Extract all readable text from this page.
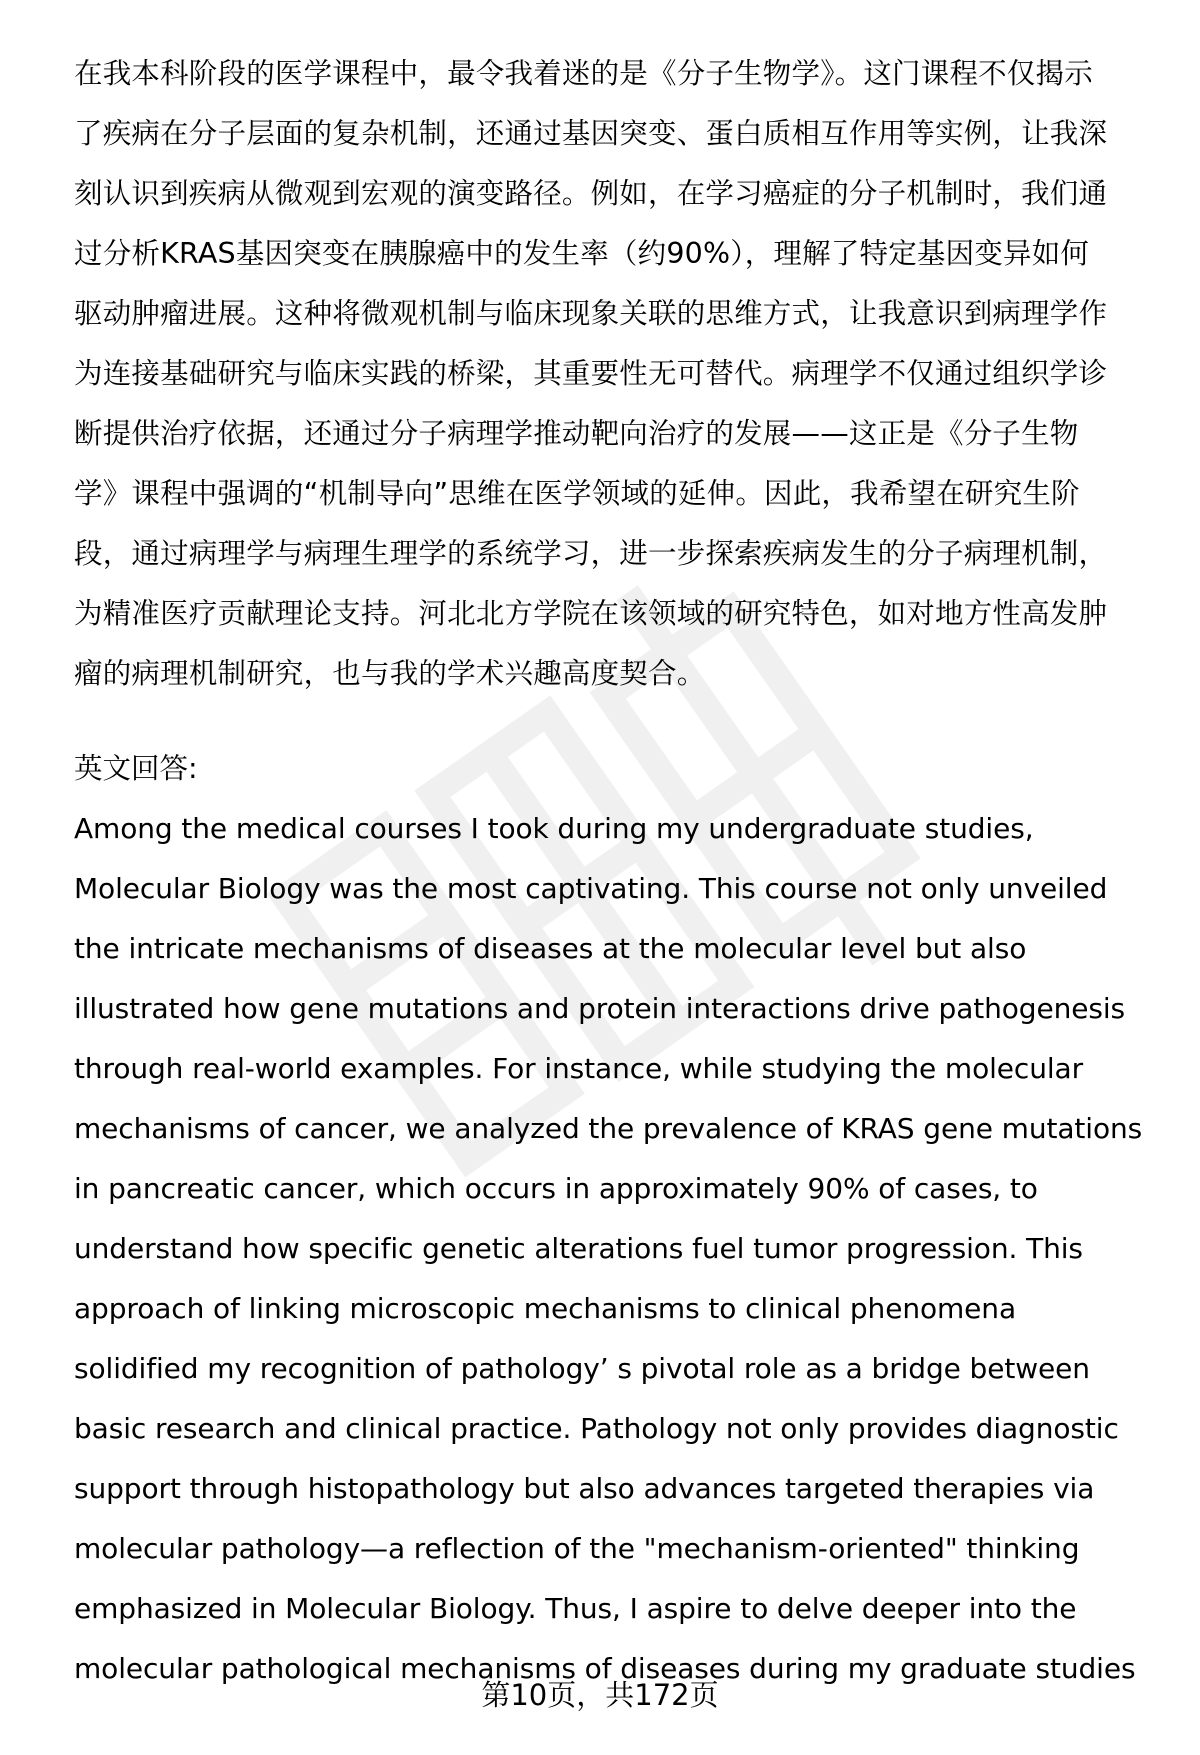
在我本科阶段的医学课程中，最令我着迷的是《分子生物学》。这门课程不仅揭示
了疾病在分子层面的复杂机制，还通过基因突变、蛋白质相互作用等实例，让我深
刻认识到疾病从微观到宏观的演变路径。例如，在学习癌症的分子机制时，我们通
过分析KRAS基因突变在胰腺癌中的发生率（约90%），理解了特定基因变异如何
驱动肿瘤进展。这种将微观机制与临床现象关联的思维方式，让我意识到病理学作
为连接基础研究与临床实践的桥梁，其重要性无可替代。病理学不仅通过组织学诊
断提供治疗依据，还通过分子病理学推动靶向治疗的发展——这正是《分子生物
学》课程中强调的“机制导向”思维在医学领域的延伸。因此，我希望在研究生阶
段，通过病理学与病理生理学的系统学习，进一步探索疾病发生的分子病理机制，
为精准医疗贡献理论支持。河北北方学院在该领域的研究特色，如对地方性高发肿
瘤的病理机制研究，也与我的学术兴趣高度契合。
英文回答:
Among the medical courses I took during my undergraduate studies,
Molecular Biology was the most captivating. This course not only unveiled
the intricate mechanisms of diseases at the molecular level but also
illustrated how gene mutations and protein interactions drive pathogenesis
through real-world examples. For instance, while studying the molecular
mechanisms of cancer, we analyzed the prevalence of KRAS gene mutations
in pancreatic cancer, which occurs in approximately 90% of cases, to
understand how specific genetic alterations fuel tumor progression. This
approach of linking microscopic mechanisms to clinical phenomena
solidified my recognition of pathology’ s pivotal role as a bridge between
basic research and clinical practice. Pathology not only provides diagnostic
support through histopathology but also advances targeted therapies via
molecular pathology—a reflection of the "mechanism-oriented" thinking
emphasized in Molecular Biology. Thus, I aspire to delve deeper into the
molecular pathological mechanisms of diseases during my graduate studies
第10页，共172页
